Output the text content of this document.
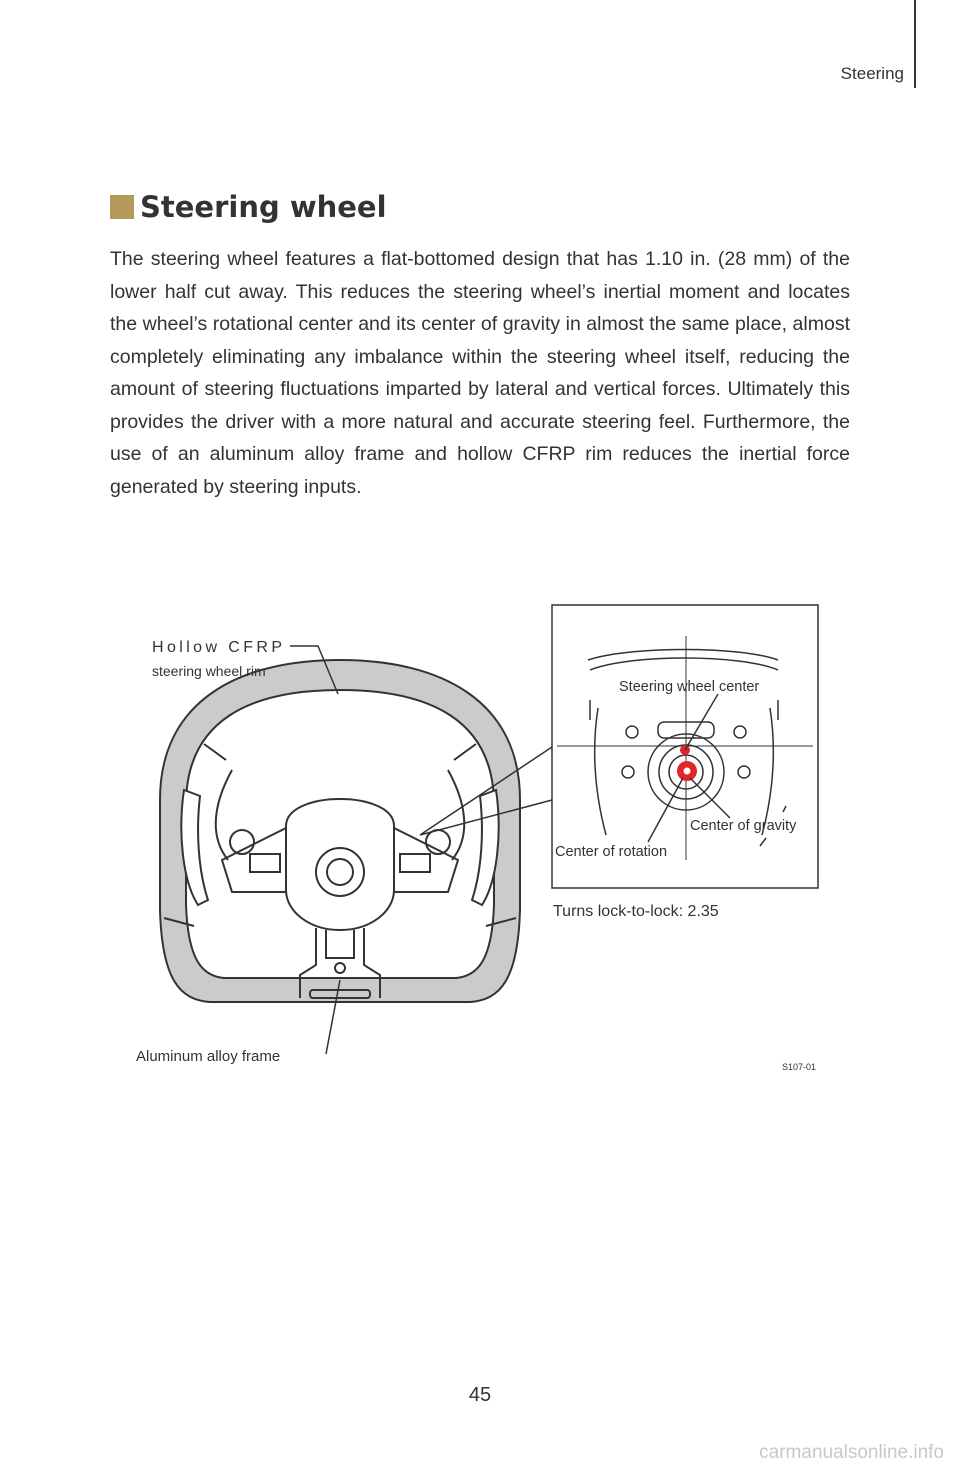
Steering
Steering wheel

The steering wheel features a flat-bottomed design that has 1.10 in. (28 mm) of the lower half cut away. This reduces the steering wheel’s inertial moment and locates the wheel’s rotational center and its center of gravity in almost the same place, almost completely eliminating any imbalance within the steering wheel itself, reducing the amount of steering fluctuations imparted by lateral and vertical forces. Ultimately this provides the driver with a more natural and accurate steering feel. Furthermore, the use of an aluminum alloy frame and hollow CFRP rim reduces the inertial force generated by steering inputs.

Hollow CFRP
steering wheel rim
Aluminum alloy frame
Steering wheel center
Center of gravity
Center of rotation
Turns lock-to-lock: 2.35
S107-01
45
carmanualsonline.info
